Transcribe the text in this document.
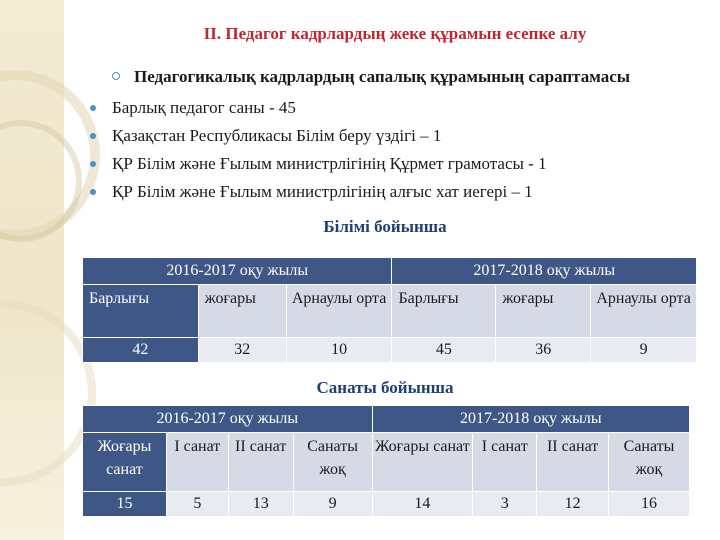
ІІ. Педагог кадрлардың жеке құрамын есепке алу
Педагогикалық кадрлардың сапалық құрамының сараптамасы
Барлық педагог саны - 45
Қазақстан Республикасы Білім беру үздігі – 1
ҚР Білім және Ғылым министрлігінің Құрмет грамотасы - 1
ҚР Білім және Ғылым министрлігінің алғыс хат иегері – 1
Білімі бойынша
2016-2017 оқу жылы			2017-2018 оқу жылы		
Барлығы	жоғары	Арнаулы орта	Барлығы	жоғары	Арнаулы орта
42	32	10	45	36	9
Санаты бойынша
2016-2017 оқу жылы				2017-2018 оқу жылы			
Жоғары санат	І санат	ІІ санат	Санаты жоқ	Жоғары санат	І санат	ІІ санат	Санаты жоқ
15	5	13	9	14	3	12	16
